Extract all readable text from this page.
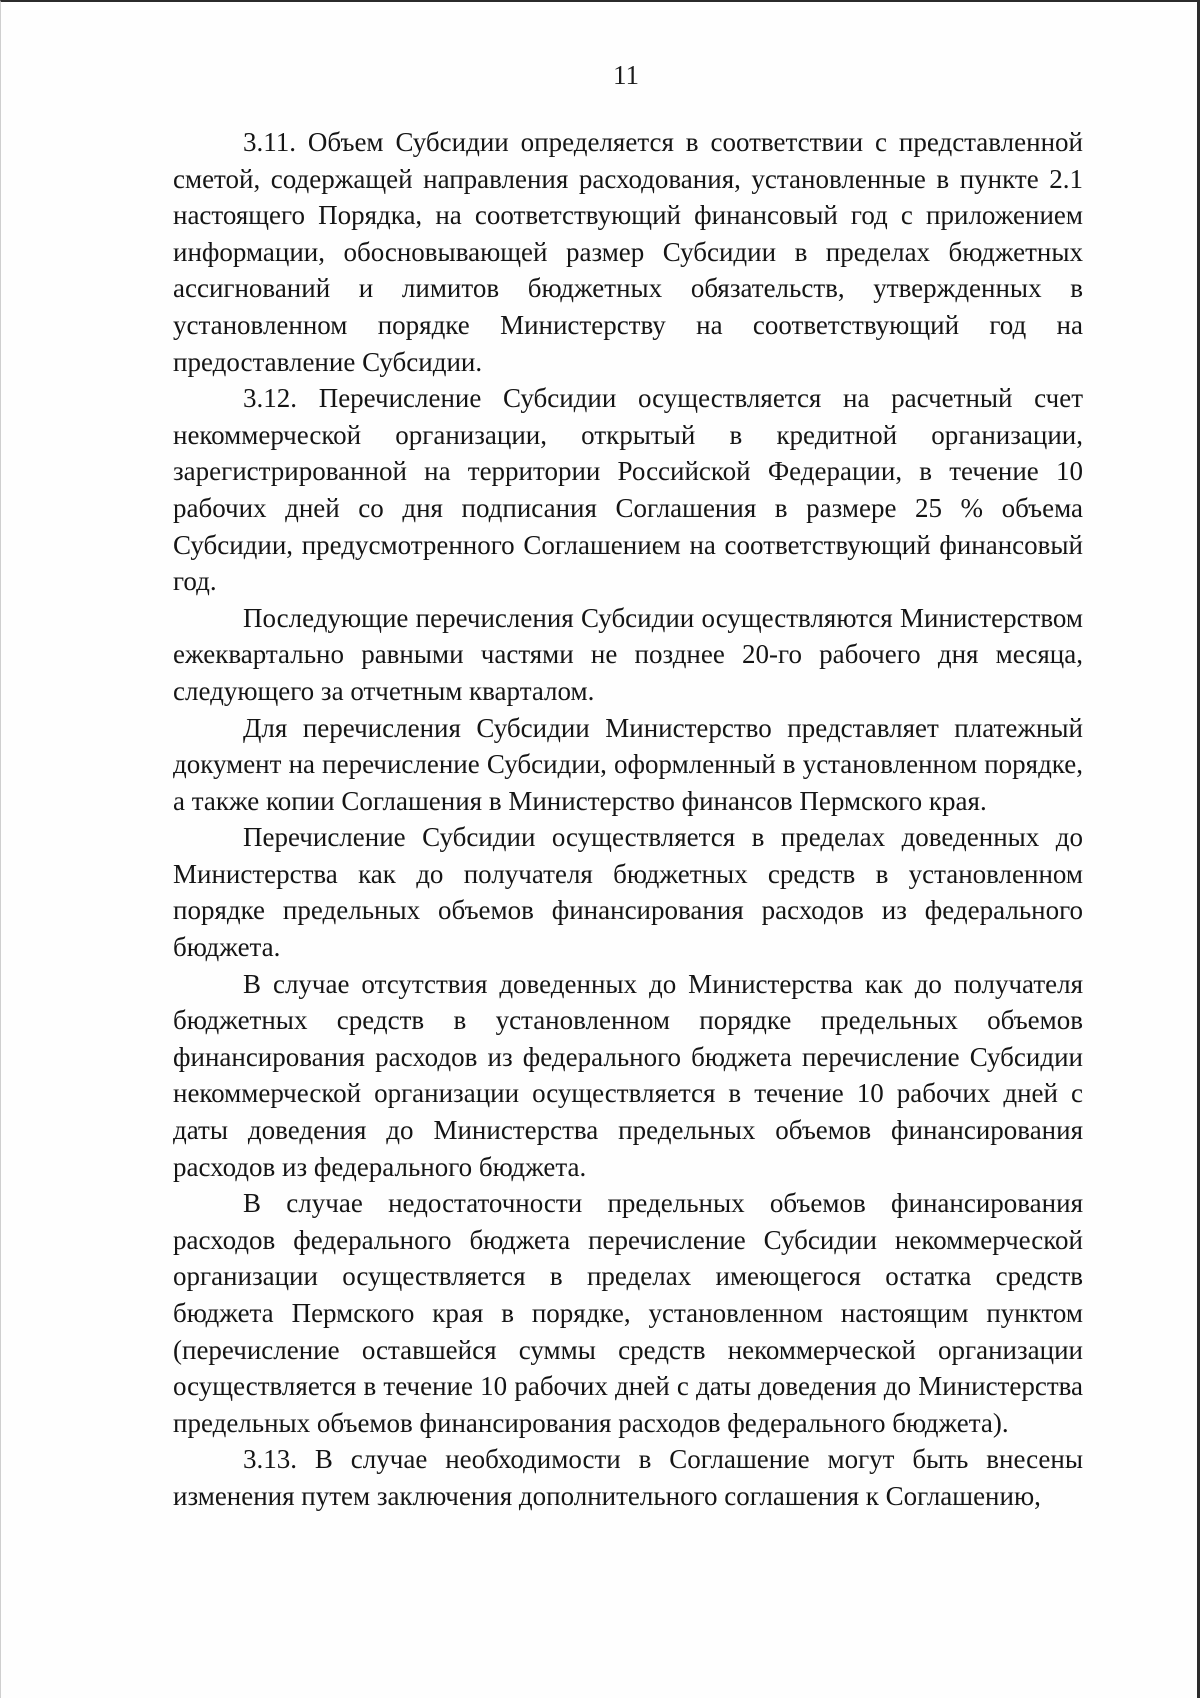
11

3.11. Объем Субсидии определяется в соответствии с представленной сметой, содержащей направления расходования, установленные в пункте 2.1 настоящего Порядка, на соответствующий финансовый год с приложением информации, обосновывающей размер Субсидии в пределах бюджетных ассигнований и лимитов бюджетных обязательств, утвержденных в установленном порядке Министерству на соответствующий год на предоставление Субсидии.

3.12. Перечисление Субсидии осуществляется на расчетный счет некоммерческой организации, открытый в кредитной организации, зарегистрированной на территории Российской Федерации, в течение 10 рабочих дней со дня подписания Соглашения в размере 25 % объема Субсидии, предусмотренного Соглашением на соответствующий финансовый год.

Последующие перечисления Субсидии осуществляются Министерством ежеквартально равными частями не позднее 20-го рабочего дня месяца, следующего за отчетным кварталом.

Для перечисления Субсидии Министерство представляет платежный документ на перечисление Субсидии, оформленный в установленном порядке, а также копии Соглашения в Министерство финансов Пермского края.

Перечисление Субсидии осуществляется в пределах доведенных до Министерства как до получателя бюджетных средств в установленном порядке предельных объемов финансирования расходов из федерального бюджета.

В случае отсутствия доведенных до Министерства как до получателя бюджетных средств в установленном порядке предельных объемов финансирования расходов из федерального бюджета перечисление Субсидии некоммерческой организации осуществляется в течение 10 рабочих дней с даты доведения до Министерства предельных объемов финансирования расходов из федерального бюджета.

В случае недостаточности предельных объемов финансирования расходов федерального бюджета перечисление Субсидии некоммерческой организации осуществляется в пределах имеющегося остатка средств бюджета Пермского края в порядке, установленном настоящим пунктом (перечисление оставшейся суммы средств некоммерческой организации осуществляется в течение 10 рабочих дней с даты доведения до Министерства предельных объемов финансирования расходов федерального бюджета).

3.13. В случае необходимости в Соглашение могут быть внесены изменения путем заключения дополнительного соглашения к Соглашению,
